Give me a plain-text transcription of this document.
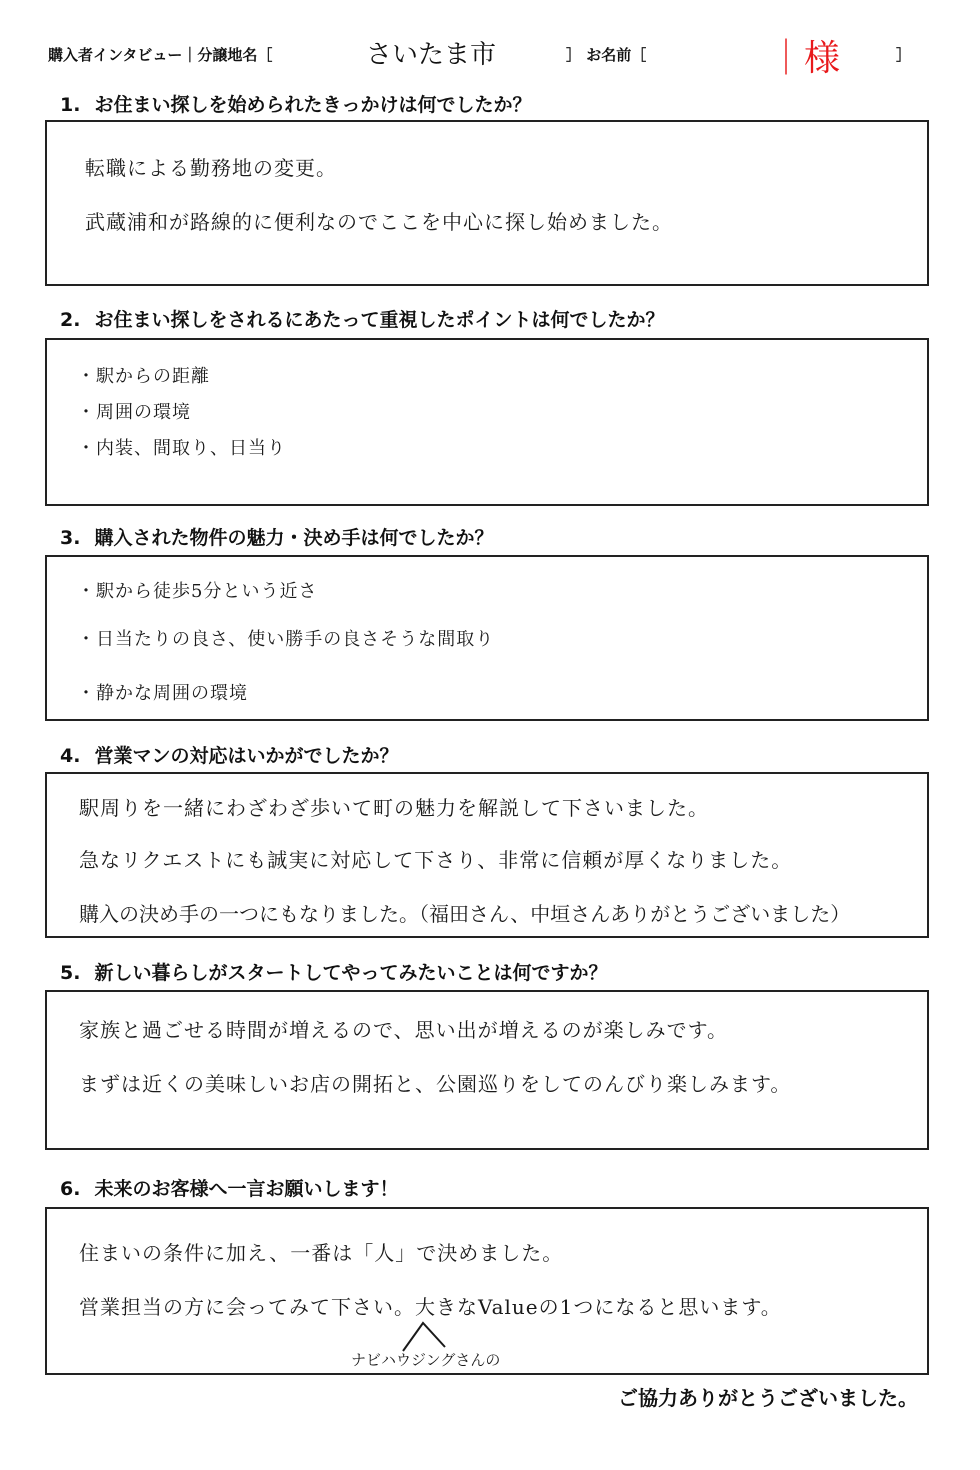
購入者インタビュー｜分譲地名［	さいたま市	］ お名前［	｜様	］
1. お住まい探しを始められたきっかけは何でしたか？
転職による勤務地の変更。
武蔵浦和が路線的に便利なのでここを中心に探し始めました。
2. お住まい探しをされるにあたって重視したポイントは何でしたか？
・駅からの距離
・周囲の環境
・内装、間取り、日当り
3. 購入された物件の魅力・決め手は何でしたか？
・駅から徒歩5分という近さ
・日当たりの良さ、使い勝手の良さそうな間取り
・静かな周囲の環境
4. 営業マンの対応はいかがでしたか？
駅周りを一緒にわざわざ歩いて町の魅力を解説して下さいました。
急なリクエストにも誠実に対応して下さり、非常に信頼が厚くなりました。
購入の決め手の一つにもなりました。（福田さん、中垣さんありがとうございました）
5. 新しい暮らしがスタートしてやってみたいことは何ですか？
家族と過ごせる時間が増えるので、思い出が増えるのが楽しみです。
まずは近くの美味しいお店の開拓と、公園巡りをしてのんびり楽しみます。
6. 未来のお客様へ一言お願いします！
住まいの条件に加え、一番は「人」で決めました。
営業担当の方に会ってみて下さい。大きなValueの1つになると思います。
ナビハウジングさんの
ご協力ありがとうございました。
